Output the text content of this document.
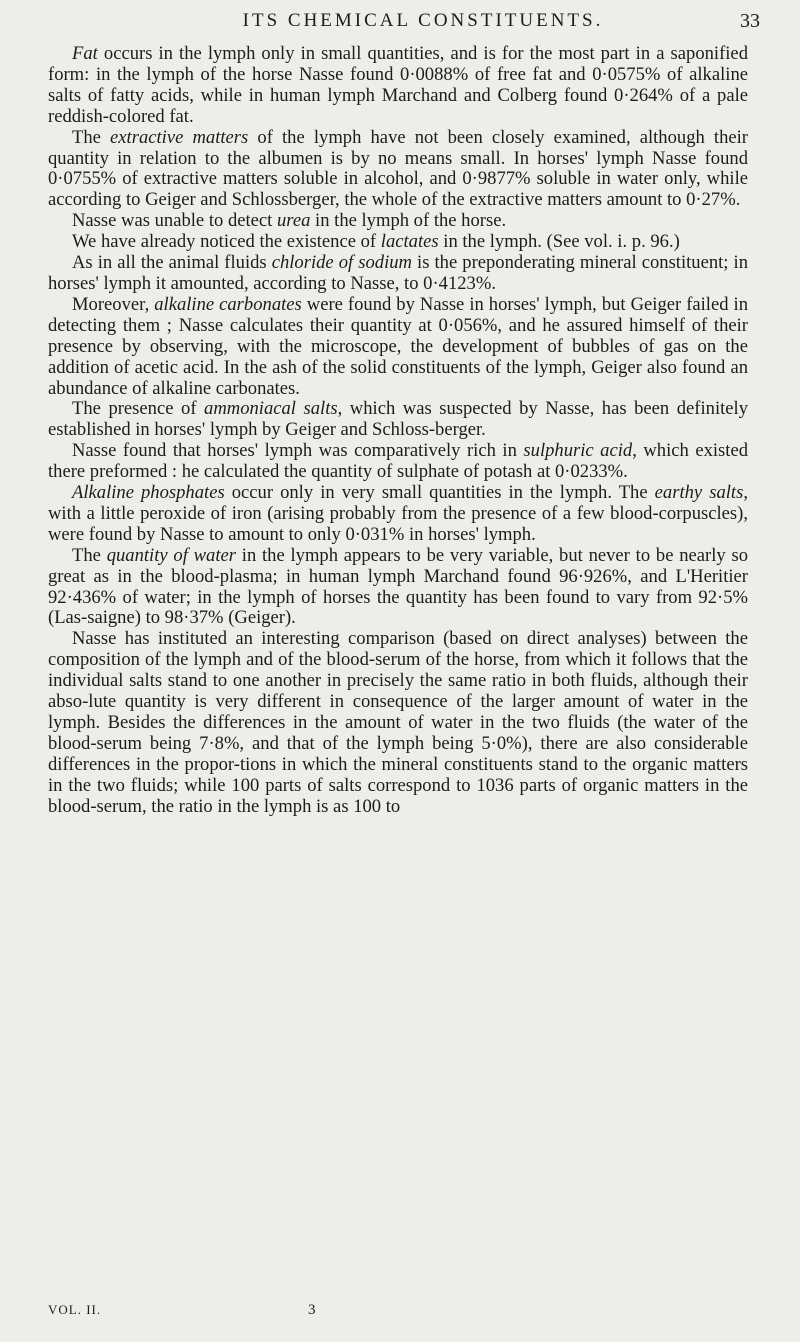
ITS CHEMICAL CONSTITUENTS.	33

Fat occurs in the lymph only in small quantities, and is for the most part in a saponified form: in the lymph of the horse Nasse found 0·0088% of free fat and 0·0575% of alkaline salts of fatty acids, while in human lymph Marchand and Colberg found 0·264% of a pale reddish-colored fat.

The extractive matters of the lymph have not been closely examined, although their quantity in relation to the albumen is by no means small. In horses' lymph Nasse found 0·0755% of extractive matters soluble in alcohol, and 0·9877% soluble in water only, while according to Geiger and Schlossberger, the whole of the extractive matters amount to 0·27%.

Nasse was unable to detect urea in the lymph of the horse.

We have already noticed the existence of lactates in the lymph. (See vol. i. p. 96.)

As in all the animal fluids chloride of sodium is the preponderating mineral constituent; in horses' lymph it amounted, according to Nasse, to 0·4123%.

Moreover, alkaline carbonates were found by Nasse in horses' lymph, but Geiger failed in detecting them ; Nasse calculates their quantity at 0·056%, and he assured himself of their presence by observing, with the microscope, the development of bubbles of gas on the addition of acetic acid. In the ash of the solid constituents of the lymph, Geiger also found an abundance of alkaline carbonates.

The presence of ammoniacal salts, which was suspected by Nasse, has been definitely established in horses' lymph by Geiger and Schloss-berger.

Nasse found that horses' lymph was comparatively rich in sulphuric acid, which existed there preformed : he calculated the quantity of sulphate of potash at 0·0233%.

Alkaline phosphates occur only in very small quantities in the lymph. The earthy salts, with a little peroxide of iron (arising probably from the presence of a few blood-corpuscles), were found by Nasse to amount to only 0·031% in horses' lymph.

The quantity of water in the lymph appears to be very variable, but never to be nearly so great as in the blood-plasma; in human lymph Marchand found 96·926%, and L'Heritier 92·436% of water; in the lymph of horses the quantity has been found to vary from 92·5% (Las-saigne) to 98·37% (Geiger).

Nasse has instituted an interesting comparison (based on direct analyses) between the composition of the lymph and of the blood-serum of the horse, from which it follows that the individual salts stand to one another in precisely the same ratio in both fluids, although their abso-lute quantity is very different in consequence of the larger amount of water in the lymph. Besides the differences in the amount of water in the two fluids (the water of the blood-serum being 7·8%, and that of the lymph being 5·0%), there are also considerable differences in the propor-tions in which the mineral constituents stand to the organic matters in the two fluids; while 100 parts of salts correspond to 1036 parts of organic matters in the blood-serum, the ratio in the lymph is as 100 to

VOL. II.	3
